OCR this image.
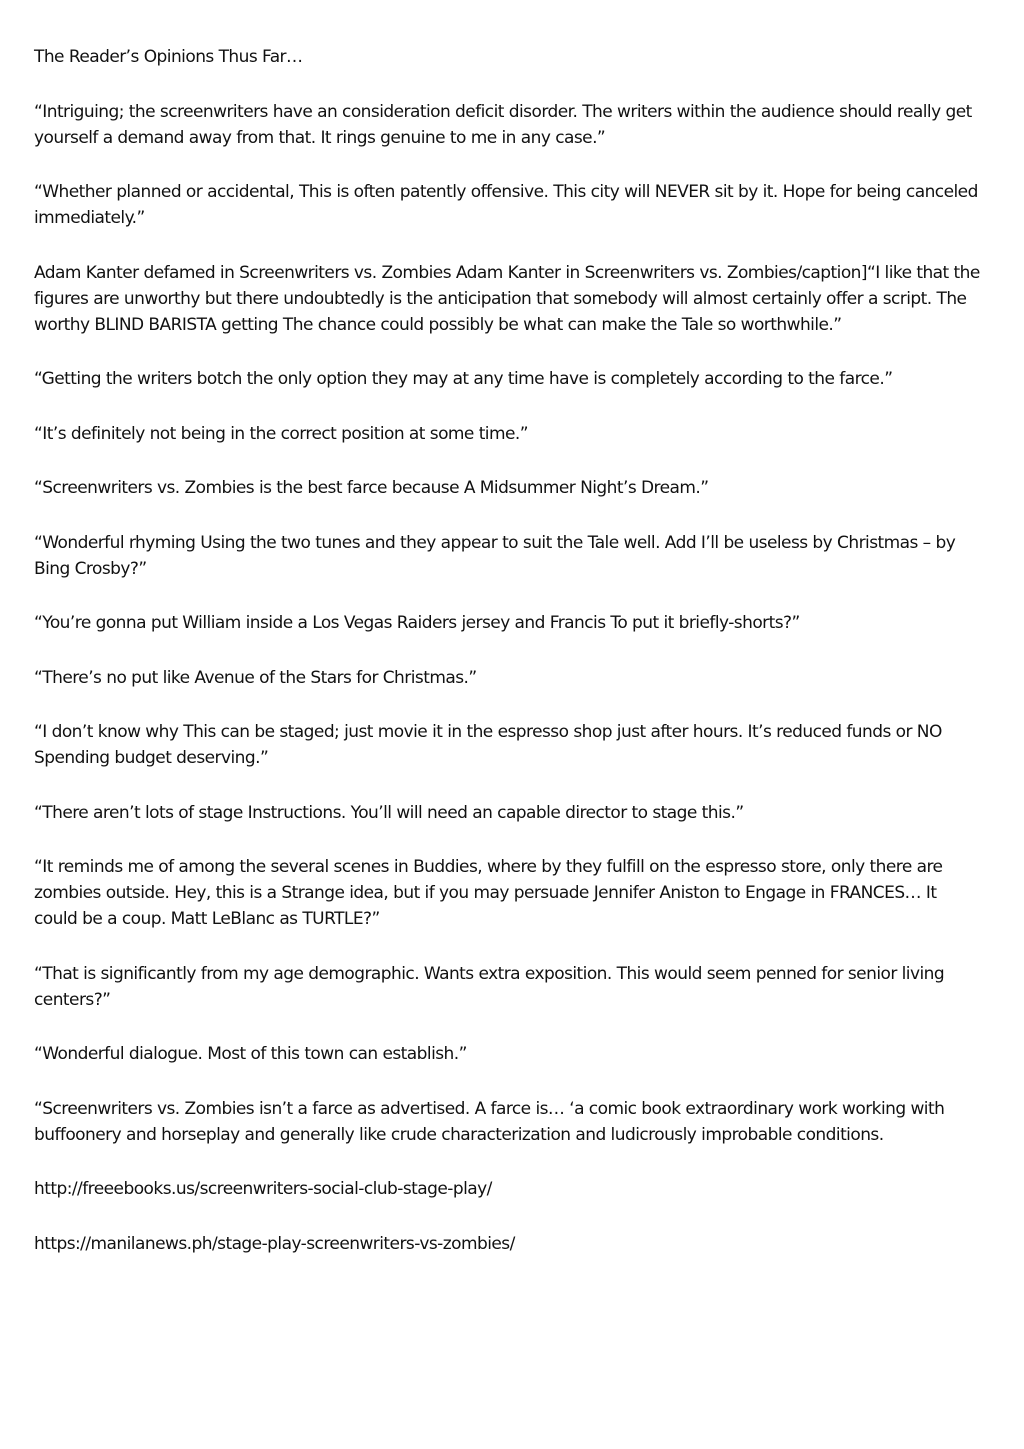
The Reader’s Opinions Thus Far…

“Intriguing; the screenwriters have an consideration deficit disorder. The writers within the audience should really get yourself a demand away from that. It rings genuine to me in any case.”

“Whether planned or accidental, This is often patently offensive. This city will NEVER sit by it. Hope for being canceled immediately.”

Adam Kanter defamed in Screenwriters vs. Zombies Adam Kanter in Screenwriters vs. Zombies/caption]“I like that the figures are unworthy but there undoubtedly is the anticipation that somebody will almost certainly offer a script. The worthy BLIND BARISTA getting The chance could possibly be what can make the Tale so worthwhile.”

“Getting the writers botch the only option they may at any time have is completely according to the farce.”

“It’s definitely not being in the correct position at some time.”

“Screenwriters vs. Zombies is the best farce because A Midsummer Night’s Dream.”

“Wonderful rhyming Using the two tunes and they appear to suit the Tale well. Add I’ll be useless by Christmas – by Bing Crosby?”

“You’re gonna put William inside a Los Vegas Raiders jersey and Francis To put it briefly-shorts?”

“There’s no put like Avenue of the Stars for Christmas.”

“I don’t know why This can be staged; just movie it in the espresso shop just after hours. It’s reduced funds or NO Spending budget deserving.”

“There aren’t lots of stage Instructions. You’ll will need an capable director to stage this.”

“It reminds me of among the several scenes in Buddies, where by they fulfill on the espresso store, only there are zombies outside. Hey, this is a Strange idea, but if you may persuade Jennifer Aniston to Engage in FRANCES… It could be a coup. Matt LeBlanc as TURTLE?”

“That is significantly from my age demographic. Wants extra exposition. This would seem penned for senior living centers?”

“Wonderful dialogue. Most of this town can establish.”

“Screenwriters vs. Zombies isn’t a farce as advertised. A farce is… ‘a comic book extraordinary work working with buffoonery and horseplay and generally like crude characterization and ludicrously improbable conditions.

http://freeebooks.us/screenwriters-social-club-stage-play/

https://manilanews.ph/stage-play-screenwriters-vs-zombies/
